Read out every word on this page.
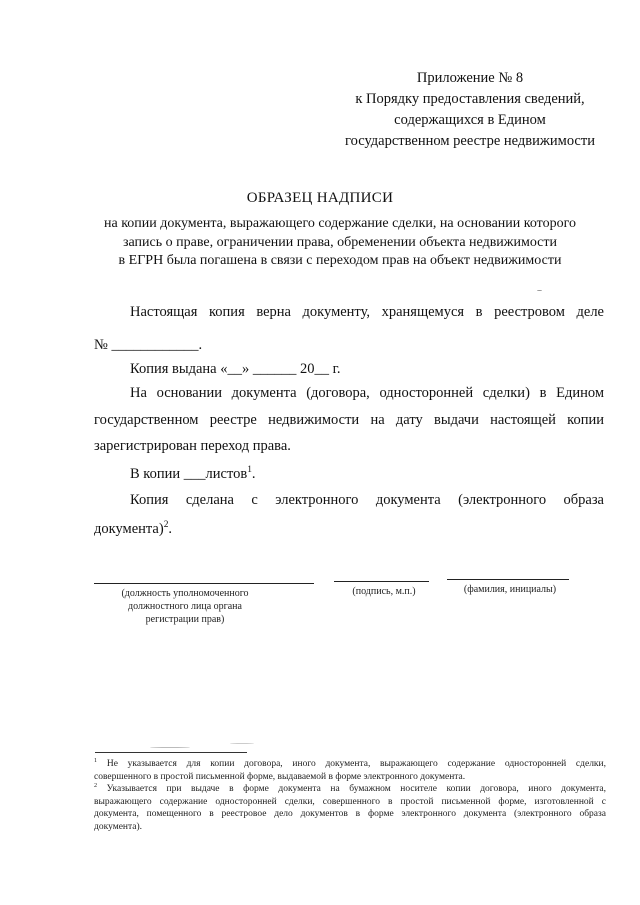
Приложение № 8
к Порядку предоставления сведений,
содержащихся в Едином
государственном реестре недвижимости
ОБРАЗЕЦ НАДПИСИ
на копии документа, выражающего содержание сделки, на основании которого
запись о праве, ограничении права, обременении объекта недвижимости
в ЕГРН была погашена в связи с переходом прав на объект недвижимости
Настоящая копия верна документу, хранящемуся в реестровом деле
№ ____________.
Копия выдана «__» ______ 20__ г.
На основании документа (договора, односторонней сделки) в Едином
государственном реестре недвижимости на дату выдачи настоящей копии
зарегистрирован переход права.
В копии ___листов$^1$.
Копия сделана с электронного документа (электронного образа
документа)$^2$.
(должность уполномоченного
должностного лица органа
регистрации прав)
(подпись, м.п.)	(фамилия, инициалы)
$^1$ Не указывается для копии договора, иного документа, выражающего содержание односторонней сделки,
совершенного в простой письменной форме, выдаваемой в форме электронного документа.
$^2$ Указывается при выдаче в форме документа на бумажном носителе копии договора, иного документа,
выражающего содержание односторонней сделки, совершенного в простой письменной форме, изготовленной с
документа, помещенного в реестровое дело документов в форме электронного документа (электронного образа
документа).
